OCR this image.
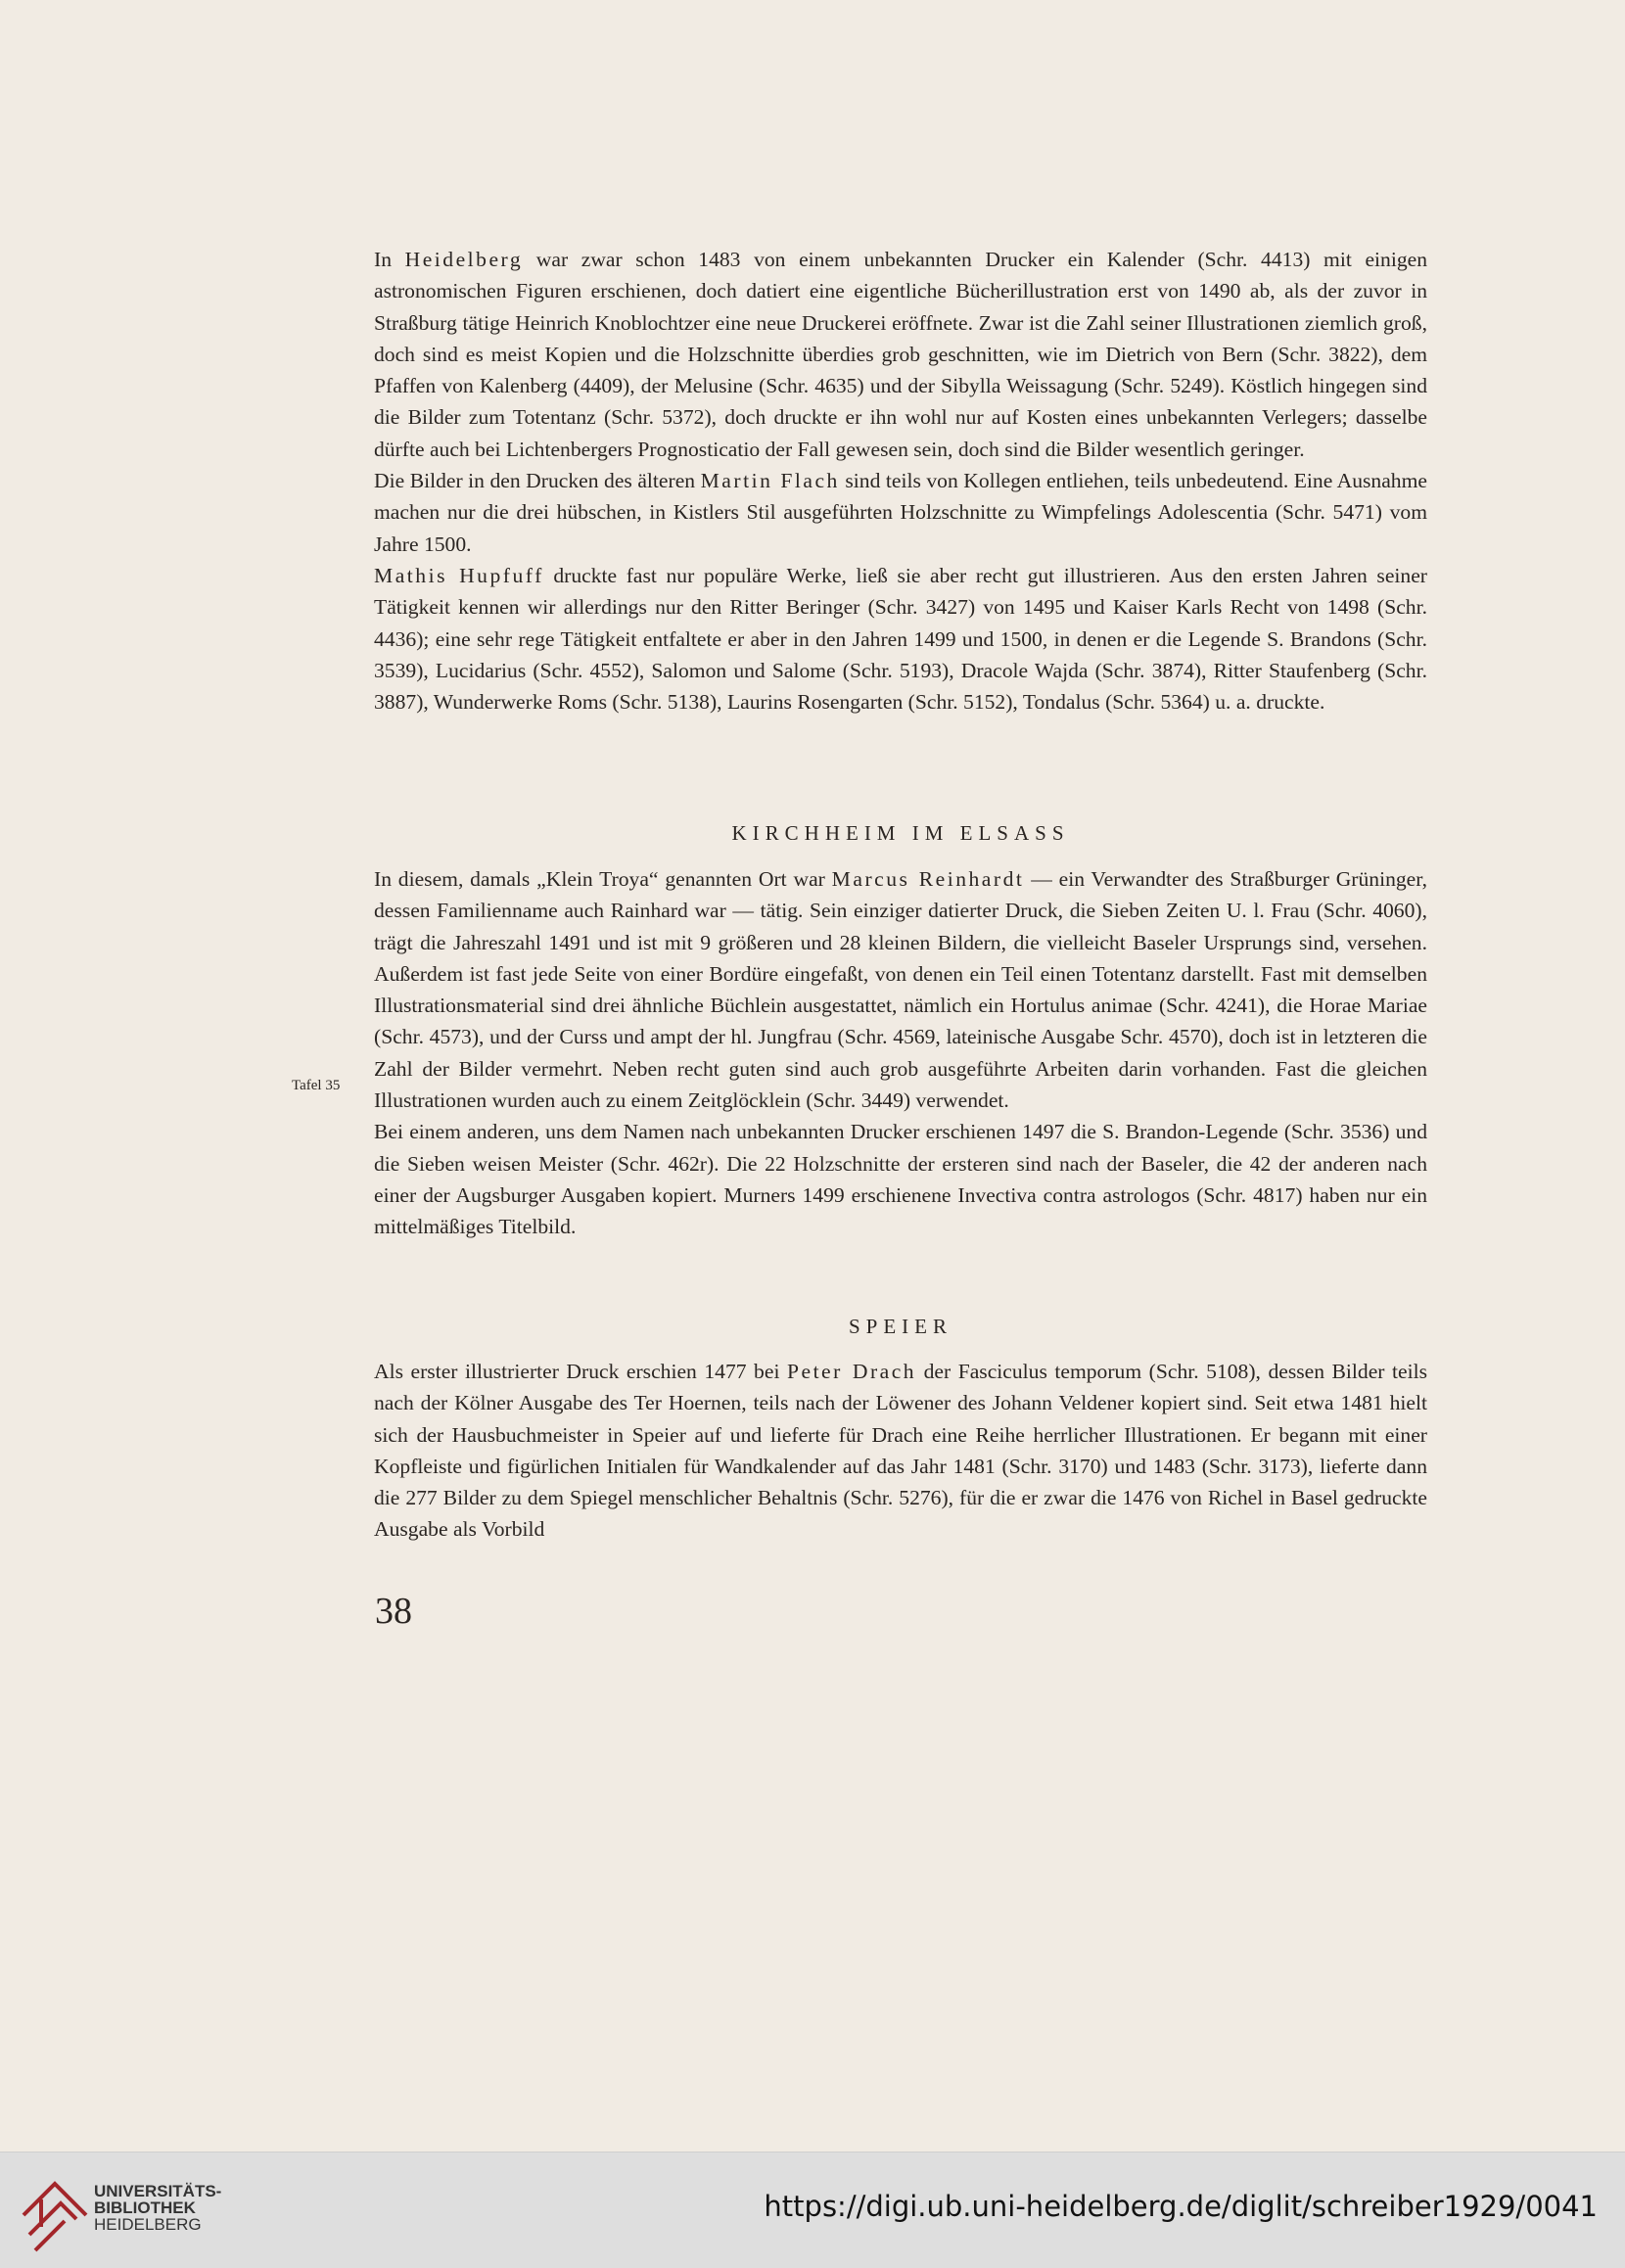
In Heidelberg war zwar schon 1483 von einem unbekannten Drucker ein Kalender (Schr. 4413) mit einigen astronomischen Figuren erschienen, doch datiert eine eigentliche Bücherillustration erst von 1490 ab, als der zuvor in Straßburg tätige Heinrich Knoblochtzer eine neue Druckerei eröffnete. Zwar ist die Zahl seiner Illustrationen ziemlich groß, doch sind es meist Kopien und die Holzschnitte überdies grob geschnitten, wie im Dietrich von Bern (Schr. 3822), dem Pfaffen von Kalenberg (4409), der Melusine (Schr. 4635) und der Sibylla Weissagung (Schr. 5249). Köstlich hingegen sind die Bilder zum Totentanz (Schr. 5372), doch druckte er ihn wohl nur auf Kosten eines unbekannten Verlegers; dasselbe dürfte auch bei Lichtenbergers Prognosticatio der Fall gewesen sein, doch sind die Bilder wesentlich geringer.

Die Bilder in den Drucken des älteren Martin Flach sind teils von Kollegen entliehen, teils unbedeutend. Eine Ausnahme machen nur die drei hübschen, in Kistlers Stil ausgeführten Holzschnitte zu Wimpfelings Adolescentia (Schr. 5471) vom Jahre 1500.

Mathis Hupfuff druckte fast nur populäre Werke, ließ sie aber recht gut illustrieren. Aus den ersten Jahren seiner Tätigkeit kennen wir allerdings nur den Ritter Beringer (Schr. 3427) von 1495 und Kaiser Karls Recht von 1498 (Schr. 4436); eine sehr rege Tätigkeit entfaltete er aber in den Jahren 1499 und 1500, in denen er die Legende S. Brandons (Schr. 3539), Lucidarius (Schr. 4552), Salomon und Salome (Schr. 5193), Dracole Wajda (Schr. 3874), Ritter Staufenberg (Schr. 3887), Wunderwerke Roms (Schr. 5138), Laurins Rosengarten (Schr. 5152), Tondalus (Schr. 5364) u. a. druckte.

KIRCHHEIM IM ELSASS

In diesem, damals „Klein Troya“ genannten Ort war Marcus Reinhardt — ein Verwandter des Straßburger Grüninger, dessen Familienname auch Rainhard war — tätig. Sein einziger datierter Druck, die Sieben Zeiten U. l. Frau (Schr. 4060), trägt die Jahreszahl 1491 und ist mit 9 größeren und 28 kleinen Bildern, die vielleicht Baseler Ursprungs sind, versehen. Außerdem ist fast jede Seite von einer Bordüre eingefaßt, von denen ein Teil einen Totentanz darstellt. Fast mit demselben Illustrationsmaterial sind drei ähnliche Büchlein ausgestattet, nämlich ein Hortulus animae (Schr. 4241), die Horae Mariae (Schr. 4573), und der Curss und ampt der hl. Jungfrau (Schr. 4569, lateinische Ausgabe Schr. 4570), doch ist in letzteren die Zahl der Bilder vermehrt. Neben recht guten sind auch grob ausgeführte Arbeiten darin vorhanden. Fast die gleichen Illustrationen wurden auch zu einem Zeitglöcklein (Schr. 3449) verwendet.

Bei einem anderen, uns dem Namen nach unbekannten Drucker erschienen 1497 die S. Brandon-Legende (Schr. 3536) und die Sieben weisen Meister (Schr. 462r). Die 22 Holzschnitte der ersteren sind nach der Baseler, die 42 der anderen nach einer der Augsburger Ausgaben kopiert. Murners 1499 erschienene Invectiva contra astrologos (Schr. 4817) haben nur ein mittelmäßiges Titelbild.

Tafel 35
SPEIER

Als erster illustrierter Druck erschien 1477 bei Peter Drach der Fasciculus temporum (Schr. 5108), dessen Bilder teils nach der Kölner Ausgabe des Ter Hoernen, teils nach der Löwener des Johann Veldener kopiert sind. Seit etwa 1481 hielt sich der Hausbuchmeister in Speier auf und lieferte für Drach eine Reihe herrlicher Illustrationen. Er begann mit einer Kopfleiste und figürlichen Initialen für Wandkalender auf das Jahr 1481 (Schr. 3170) und 1483 (Schr. 3173), lieferte dann die 277 Bilder zu dem Spiegel menschlicher Behaltnis (Schr. 5276), für die er zwar die 1476 von Richel in Basel gedruckte Ausgabe als Vorbild

38
UNIVERSITÄTS-
BIBLIOTHEK
HEIDELBERG
https://digi.ub.uni-heidelberg.de/diglit/schreiber1929/0041
